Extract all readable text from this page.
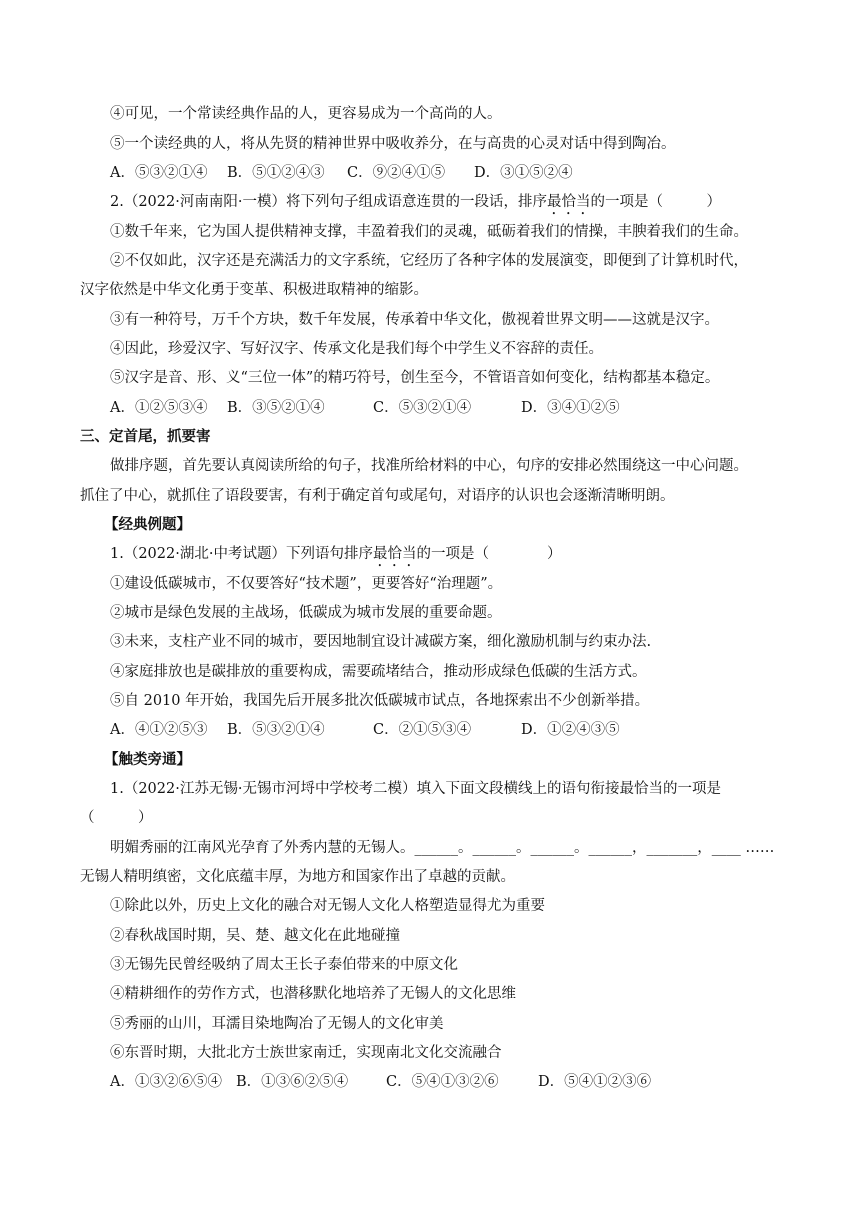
④可见，一个常读经典作品的人，更容易成为一个高尚的人。
⑤一个读经典的人，将从先贤的精神世界中吸收养分，在与高贵的心灵对话中得到陶冶。
A．⑤③②①④ B．⑤①②④③ C．⑨②④①⑤ D．③①⑤②④
2.（2022·河南南阳·一模）将下列句子组成语意连贯的一段话，排序最恰当的一项是（　　　）
①数千年来，它为国人提供精神支撑，丰盈着我们的灵魂，砥砺着我们的情操，丰腴着我们的生命。
②不仅如此，汉字还是充满活力的文字系统，它经历了各种字体的发展演变，即便到了计算机时代，
汉字依然是中华文化勇于变革、积极进取精神的缩影。
③有一种符号，万千个方块，数千年发展，传承着中华文化，傲视着世界文明——这就是汉字。
④因此，珍爱汉字、写好汉字、传承文化是我们每个中学生义不容辞的责任。
⑤汉字是音、形、义“三位一体”的精巧符号，创生至今，不管语音如何变化，结构都基本稳定。
A．①②⑤③④ B．③⑤②①④	C．⑤③②①④	D．③④①②⑤
三、定首尾，抓要害
做排序题，首先要认真阅读所给的句子，找准所给材料的中心，句序的安排必然围绕这一中心问题。
抓住了中心，就抓住了语段要害，有利于确定首句或尾句，对语序的认识也会逐渐清晰明朗。
【经典例题】
1.（2022·湖北·中考试题）下列语句排序最恰当的一项是（　　　　）
①建设低碳城市，不仅要答好“技术题”，更要答好“治理题”。
②城市是绿色发展的主战场，低碳成为城市发展的重要命题。
③未来，支柱产业不同的城市，要因地制宜设计减碳方案，细化激励机制与约束办法.
④家庭排放也是碳排放的重要构成，需要疏堵结合，推动形成绿色低碳的生活方式。
⑤自 2010 年开始，我国先后开展多批次低碳城市试点，各地探索出不少创新举措。
A．④①②⑤③ B．⑤③②①④	C．②①⑤③④	D．①②④③⑤
【触类旁通】
1.（2022·江苏无锡·无锡市河埒中学校考二模）填入下面文段横线上的语句衔接最恰当的一项是
（　　　）
明媚秀丽的江南风光孕育了外秀内慧的无锡人。______。______。______。______，_______，____ ……
无锡人精明缜密，文化底蕴丰厚，为地方和国家作出了卓越的贡献。
①除此以外，历史上文化的融合对无锡人文化人格塑造显得尤为重要
②春秋战国时期，吴、楚、越文化在此地碰撞
③无锡先民曾经吸纳了周太王长子泰伯带来的中原文化
④精耕细作的劳作方式，也潜移默化地培养了无锡人的文化思维
⑤秀丽的山川，耳濡目染地陶冶了无锡人的文化审美
⑥东晋时期，大批北方士族世家南迁，实现南北文化交流融合
A．①③②⑥⑤④ B．①③⑥②⑤④	C．⑤④①③②⑥	D．⑤④①②③⑥
